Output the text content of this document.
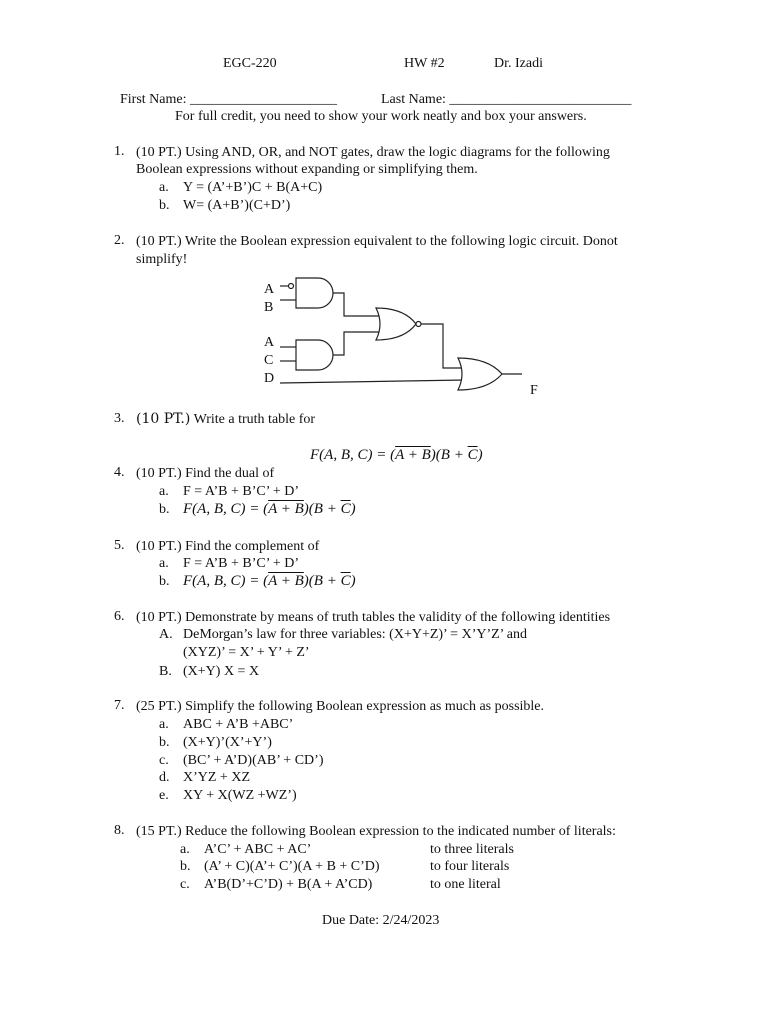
EGC-220	HW #2	Dr. Izadi
First Name: _____________________	Last Name: __________________________
For full credit, you need to show your work neatly and box your answers.
1. (10 PT.) Using AND, OR, and NOT gates, draw the logic diagrams for the following
Boolean expressions without expanding or simplifying them.
a. Y = (A’+B’)C + B(A+C)
b. W= (A+B’)(C+D’)
2. (10 PT.) Write the Boolean expression equivalent to the following logic circuit. Donot
simplify!
A
B
A
C
D
F
3. (10 PT.) Write a truth table for
F(A, B, $C) = (A + B)(B + \overline{C})$
4. (10 PT.) Find the dual of
a. F = A’B + B’C’ + D’
b. F(A, B, $C) = (A + B)(B + \overline{C})$
5. (10 PT.) Find the complement of
a. F = A’B + B’C’ + D’
b. F(A, B, $C) = (A + B)(B + \overline{C})$
6. (10 PT.) Demonstrate by means of truth tables the validity of the following identities
A. DeMorgan’s law for three variables: (X+Y+Z)’ = X’Y’Z’ and
(XYZ)’ = X’ + Y’ + Z’
B. (X+Y) X = X
7. (25 PT.) Simplify the following Boolean expression as much as possible.
a. ABC + A’B +ABC’
b. (X+Y)’(X’+Y’)
c. (BC’ + A’D)(AB’ + CD’)
d. X’YZ + XZ
e. XY + X(WZ +WZ’)
8. (15 PT.) Reduce the following Boolean expression to the indicated number of literals:
a. A’C’ + ABC + AC’	to three literals
b. (A’ + C)(A’+ C’)(A + B + C’D)	to four literals
c. A’B(D’+C’D) + B(A + A’CD)	to one literal
Due Date: 2/24/2023
